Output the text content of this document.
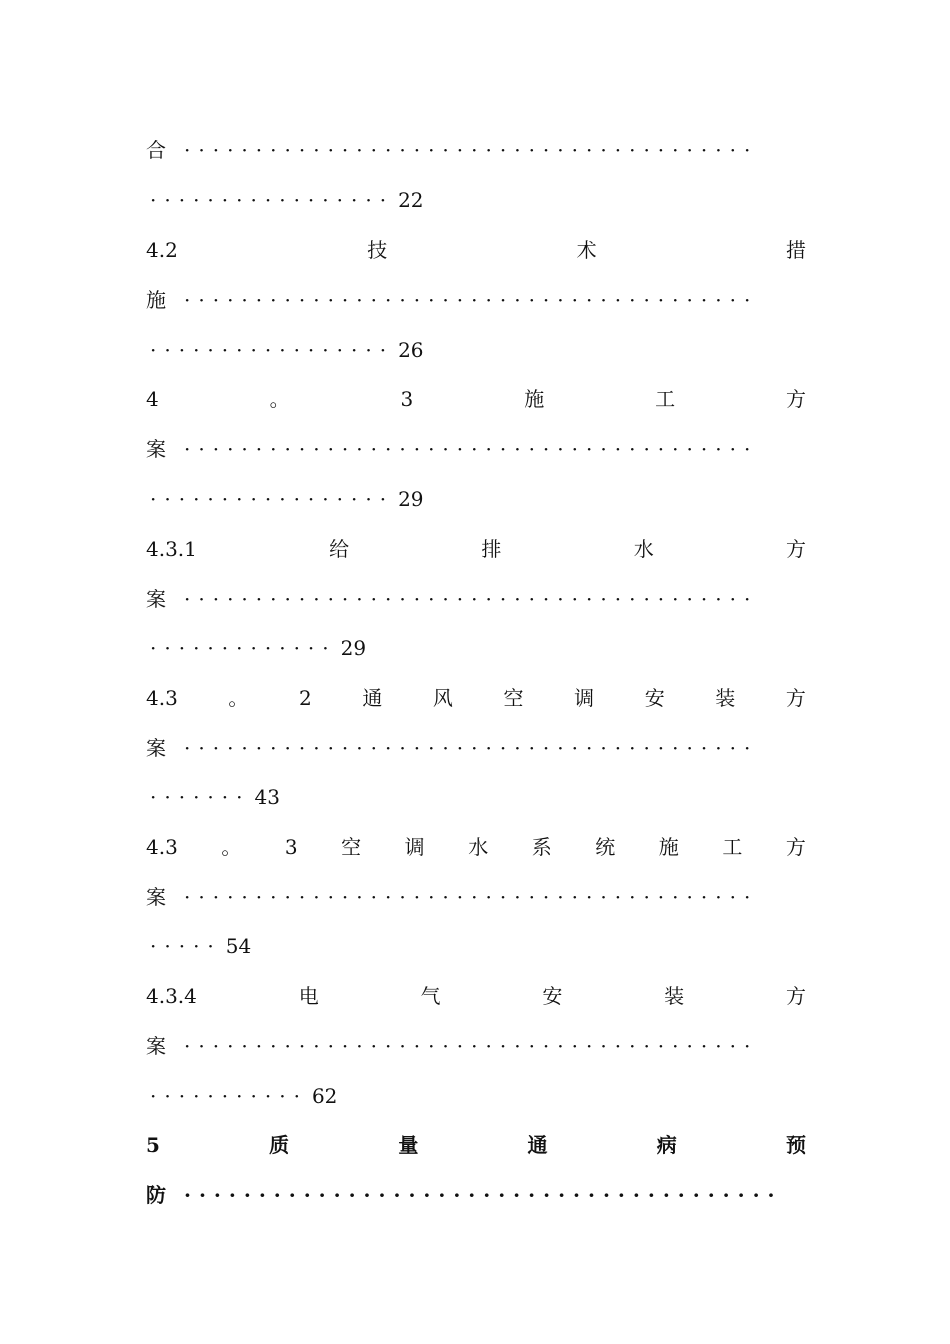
合 ········································
················· 22
4.2	技	术	措
施 ········································
················· 26
4	。	3	施	工	方
案 ········································
················· 29
4.3.1	给	排	水	方
案 ········································
············· 29
4.3	。	2	通	风	空	调	安	装	方
案 ········································
······· 43
4.3 。 3 空 调 水 系 统 施 工 方
案 ········································
····· 54
4.3.4	电	气	安	装	方
案 ········································
··········· 62
5	质	量	通	病	预
防 ········································
